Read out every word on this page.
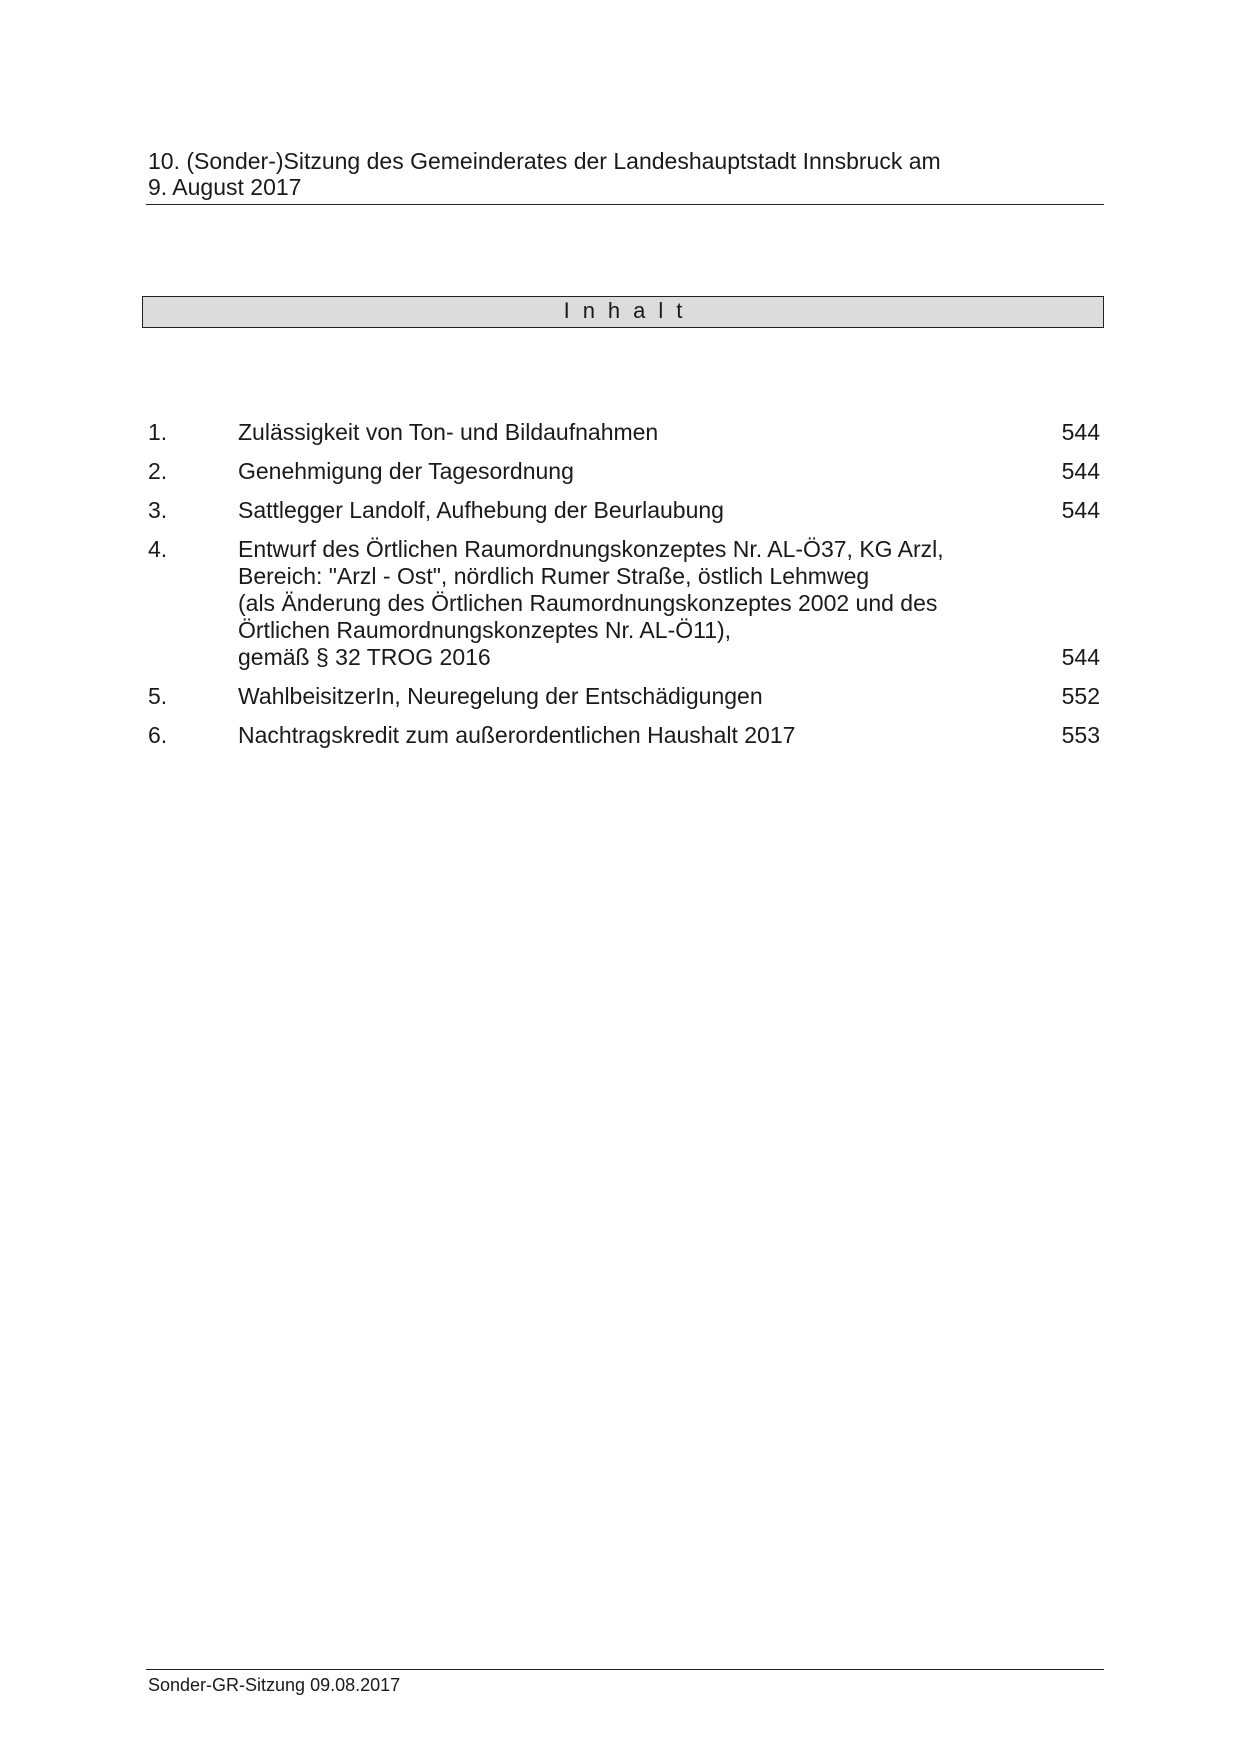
10. (Sonder-)Sitzung des Gemeinderates der Landeshauptstadt Innsbruck am
9. August 2017
Inhalt
1.	Zulässigkeit von Ton- und Bildaufnahmen	544
2.	Genehmigung der Tagesordnung	544
3.	Sattlegger Landolf, Aufhebung der Beurlaubung	544
4.	Entwurf des Örtlichen Raumordnungskonzeptes Nr. AL-Ö37, KG Arzl,
Bereich: "Arzl - Ost", nördlich Rumer Straße, östlich Lehmweg
(als Änderung des Örtlichen Raumordnungskonzeptes 2002 und des
Örtlichen Raumordnungskonzeptes Nr. AL-Ö11),
gemäß § 32 TROG 2016	544
5.	WahlbeisitzerIn, Neuregelung der Entschädigungen	552
6.	Nachtragskredit zum außerordentlichen Haushalt 2017	553
Sonder-GR-Sitzung 09.08.2017
